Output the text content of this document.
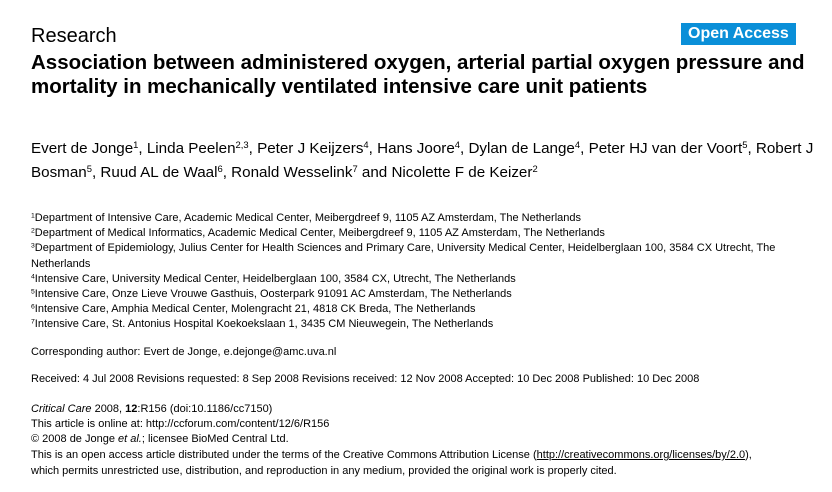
Research	Open Access
Association between administered oxygen, arterial partial oxygen pressure and mortality in mechanically ventilated intensive care unit patients
Evert de Jonge$^1$, Linda Peelen$^{2,3}$, Peter J Keijzers$^4$, Hans Joore$^4$, Dylan de Lange$^4$, Peter HJ van der Voort$^5$, Robert J Bosman$^5$, Ruud AL de Waal$^6$, Ronald Wesselink$^7$ and Nicolette F de Keizer$^2$
$^1$Department of Intensive Care, Academic Medical Center, Meibergdreef 9, 1105 AZ Amsterdam, The Netherlands
$^2$Department of Medical Informatics, Academic Medical Center, Meibergdreef 9, 1105 AZ Amsterdam, The Netherlands
$^3$Department of Epidemiology, Julius Center for Health Sciences and Primary Care, University Medical Center, Heidelberglaan 100, 3584 CX Utrecht, The Netherlands
$^4$Intensive Care, University Medical Center, Heidelberglaan 100, 3584 CX, Utrecht, The Netherlands
$^5$Intensive Care, Onze Lieve Vrouwe Gasthuis, Oosterpark 91091 AC Amsterdam, The Netherlands
$^6$Intensive Care, Amphia Medical Center, Molengracht 21, 4818 CK Breda, The Netherlands
$^7$Intensive Care, St. Antonius Hospital Koekoekslaan 1, 3435 CM Nieuwegein, The Netherlands
Corresponding author: Evert de Jonge, e.dejonge@amc.uva.nl
Received: 4 Jul 2008 Revisions requested: 8 Sep 2008 Revisions received: 12 Nov 2008 Accepted: 10 Dec 2008 Published: 10 Dec 2008
Critical Care 2008, 12:R156 (doi:10.1186/cc7150)
This article is online at: http://ccforum.com/content/12/6/R156
© 2008 de Jonge et al.; licensee BioMed Central Ltd.
This is an open access article distributed under the terms of the Creative Commons Attribution License (http://creativecommons.org/licenses/by/2.0),
which permits unrestricted use, distribution, and reproduction in any medium, provided the original work is properly cited.
